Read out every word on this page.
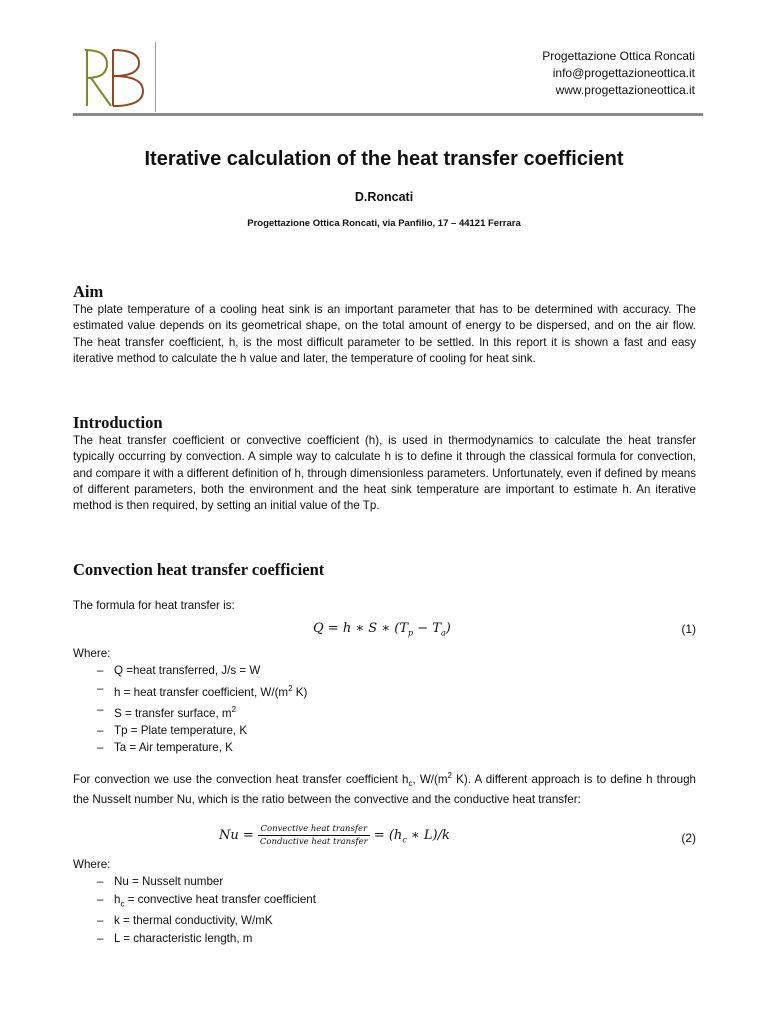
Progettazione Ottica Roncati
info@progettazioneottica.it
www.progettazioneottica.it
Iterative calculation of the heat transfer coefficient
D.Roncati
Progettazione Ottica Roncati, via Panfilio, 17 – 44121 Ferrara
Aim

The plate temperature of a cooling heat sink is an important parameter that has to be determined with accuracy. The estimated value depends on its geometrical shape, on the total amount of energy to be dispersed, and on the air flow. The heat transfer coefficient, h, is the most difficult parameter to be settled. In this report it is shown a fast and easy iterative method to calculate the h value and later, the temperature of cooling for heat sink.

Introduction

The heat transfer coefficient or convective coefficient (h), is used in thermodynamics to calculate the heat transfer typically occurring by convection. A simple way to calculate h is to define it through the classical formula for convection, and compare it with a different definition of h, through dimensionless parameters. Unfortunately, even if defined by means of different parameters, both the environment and the heat sink temperature are important to estimate h. An iterative method is then required, by setting an initial value of the Tp.

Convection heat transfer coefficient

The formula for heat transfer is:

Q = h ∗ S ∗ $(T_p - T_a)$	(1)

Where:

– Q =heat transferred, J/s = W
– h = heat transfer coefficient, $W/(m^2$ K)
– S = transfer surface, $m^2$
– Tp = Plate temperature, K
– Ta = Air temperature, K

For convection we use the convection heat transfer coefficient $h_c$, $W/(m^2$ K). A different approach is to define h through the Nusselt number Nu, which is the ratio between the convective and the conductive heat transfer:

$Nu = \frac{\text{Convective heat transfer}}{\text{Conductive heat transfer}} = (h_c$ ∗ L)/k	(2)

Where:

– Nu = Nusselt number
– $h_c$ = convective heat transfer coefficient
– k = thermal conductivity, W/mK
– L = characteristic length, m
